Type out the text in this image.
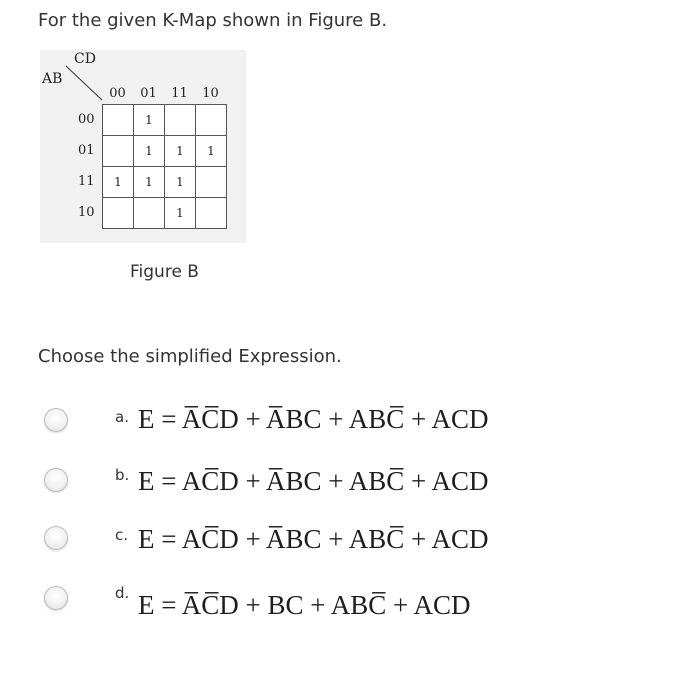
For the given K-Map shown in Figure B.
CD
AB
00	01	11	10
00
01
11
10
	1		
	1	1	1
1	1	1	
		1	
Figure B
Choose the simplified Expression.
a. E = A̅C̅D + A̅BC + ABC̅ + ACD
b. E = AC̅D + A̅BC + ABC̅ + ACD
c. E = AC̅D + A̅BC + ABC̅ + ACD
d. E = A̅C̅D + BC + ABC̅ + ACD
